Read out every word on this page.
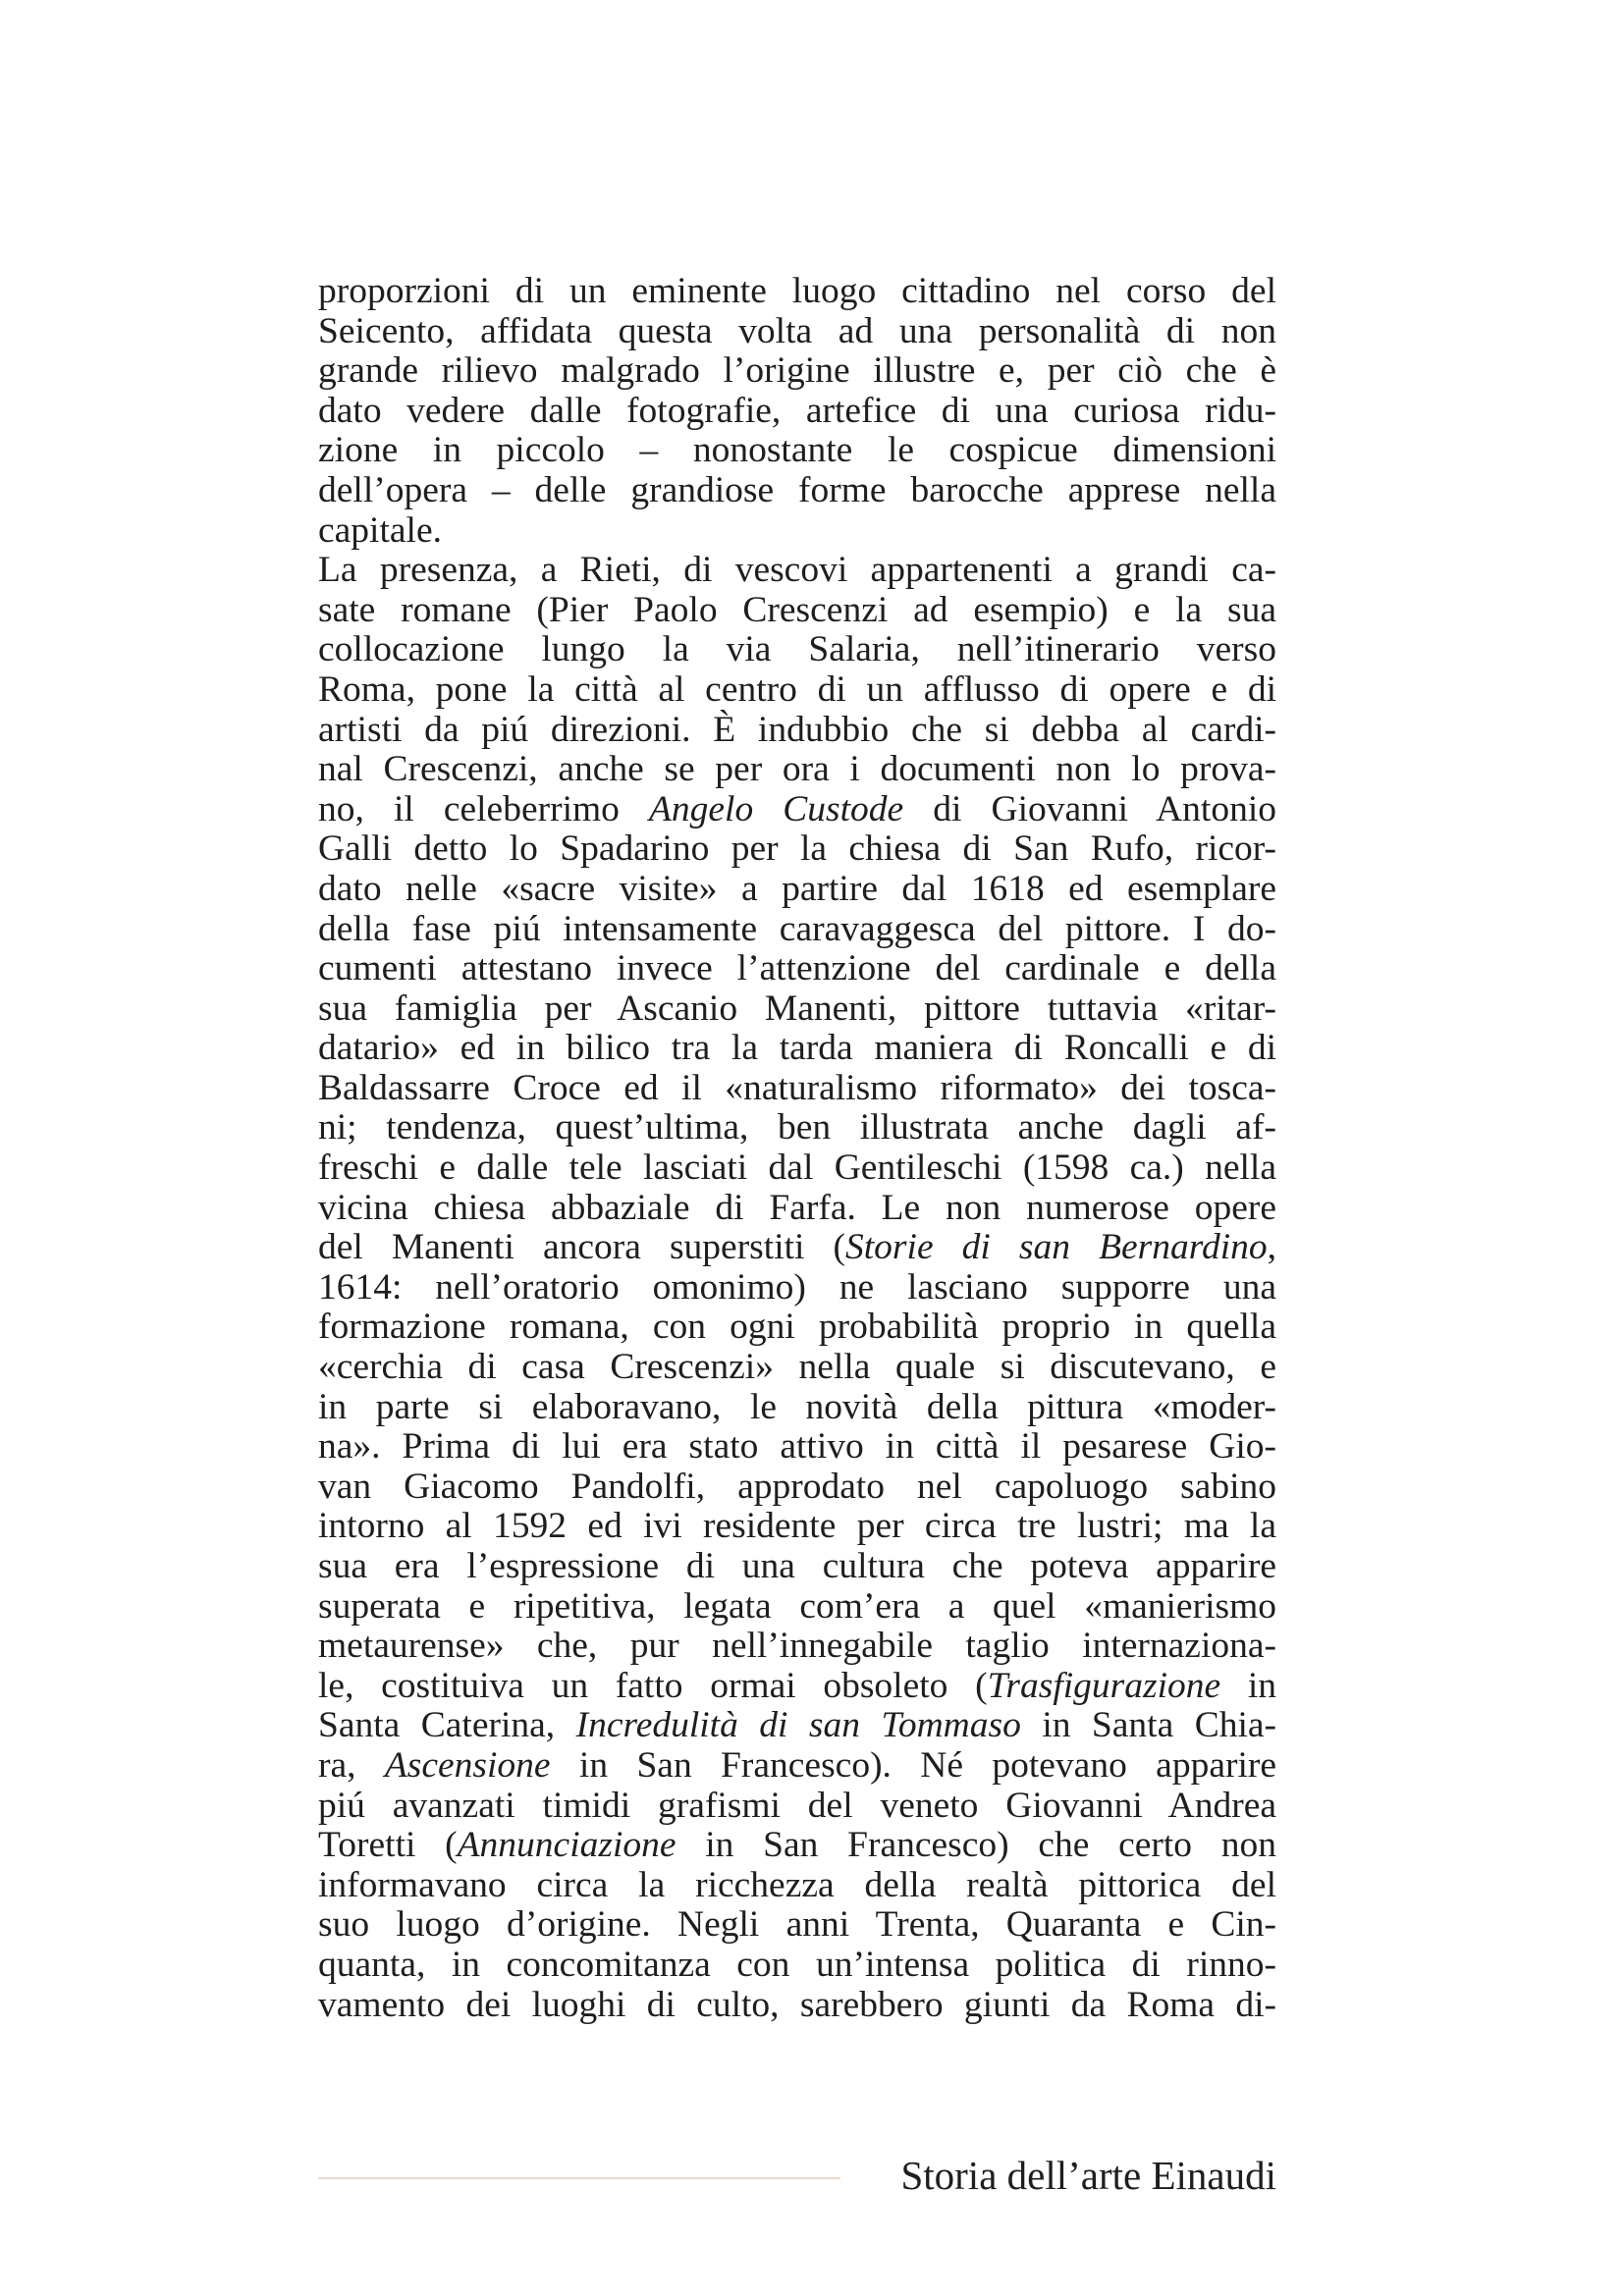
proporzioni di un eminente luogo cittadino nel corso del
Seicento, affidata questa volta ad una personalità di non
grande rilievo malgrado l’origine illustre e, per ciò che è
dato vedere dalle fotografie, artefice di una curiosa ridu-
zione in piccolo – nonostante le cospicue dimensioni
dell’opera – delle grandiose forme barocche apprese nella
capitale.
La presenza, a Rieti, di vescovi appartenenti a grandi ca-
sate romane (Pier Paolo Crescenzi ad esempio) e la sua
collocazione lungo la via Salaria, nell’itinerario verso
Roma, pone la città al centro di un afflusso di opere e di
artisti da piú direzioni. È indubbio che si debba al cardi-
nal Crescenzi, anche se per ora i documenti non lo prova-
no, il celeberrimo Angelo Custode di Giovanni Antonio
Galli detto lo Spadarino per la chiesa di San Rufo, ricor-
dato nelle «sacre visite» a partire dal 1618 ed esemplare
della fase piú intensamente caravaggesca del pittore. I do-
cumenti attestano invece l’attenzione del cardinale e della
sua famiglia per Ascanio Manenti, pittore tuttavia «ritar-
datario» ed in bilico tra la tarda maniera di Roncalli e di
Baldassarre Croce ed il «naturalismo riformato» dei tosca-
ni; tendenza, quest’ultima, ben illustrata anche dagli af-
freschi e dalle tele lasciati dal Gentileschi (1598 ca.) nella
vicina chiesa abbaziale di Farfa. Le non numerose opere
del Manenti ancora superstiti (Storie di san Bernardino,
1614: nell’oratorio omonimo) ne lasciano supporre una
formazione romana, con ogni probabilità proprio in quella
«cerchia di casa Crescenzi» nella quale si discutevano, e
in parte si elaboravano, le novità della pittura «moder-
na». Prima di lui era stato attivo in città il pesarese Gio-
van Giacomo Pandolfi, approdato nel capoluogo sabino
intorno al 1592 ed ivi residente per circa tre lustri; ma la
sua era l’espressione di una cultura che poteva apparire
superata e ripetitiva, legata com’era a quel «manierismo
metaurense» che, pur nell’innegabile taglio internaziona-
le, costituiva un fatto ormai obsoleto (Trasfigurazione in
Santa Caterina, Incredulità di san Tommaso in Santa Chia-
ra, Ascensione in San Francesco). Né potevano apparire
piú avanzati timidi grafismi del veneto Giovanni Andrea
Toretti (Annunciazione in San Francesco) che certo non
informavano circa la ricchezza della realtà pittorica del
suo luogo d’origine. Negli anni Trenta, Quaranta e Cin-
quanta, in concomitanza con un’intensa politica di rinno-
vamento dei luoghi di culto, sarebbero giunti da Roma di-
Storia dell’arte Einaudi
